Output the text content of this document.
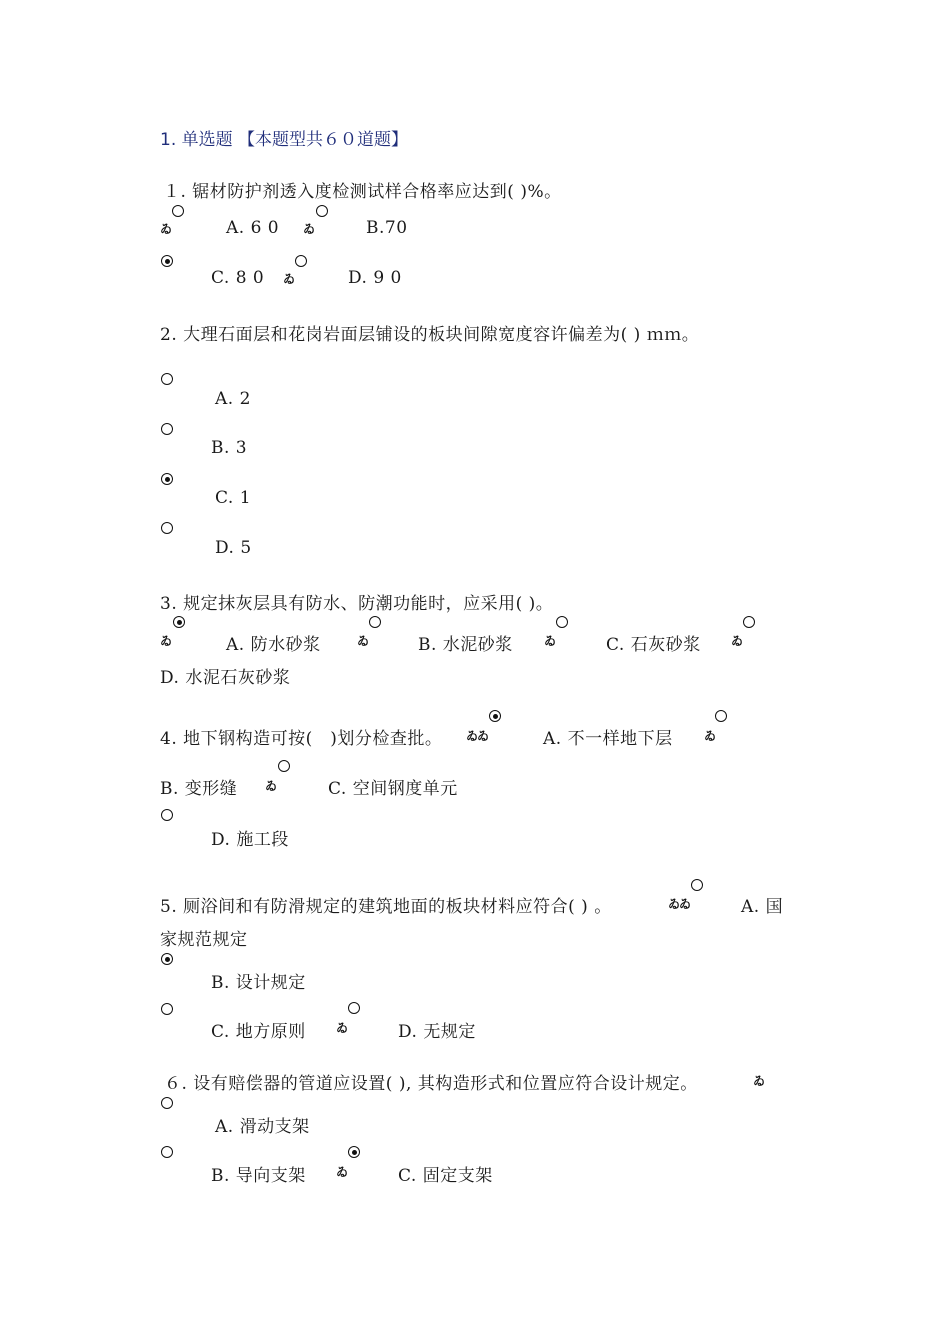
1. 单选题 【本题型共６０道题】
１. 锯材防护剂透入度检测试样合格率应达到( )%。
ゐ	A. 6 0 ゐ	B.70
C. 8 0 ゐ	D. 9 0
2. 大理石面层和花岗岩面层铺设的板块间隙宽度容许偏差为( ) ｍｍ。
A. 2
B. 3
C. 1
D. 5
3. 规定抹灰层具有防水、防潮功能时，应采用( )。
ゐ	A. 防水砂浆	ゐ	B. 水泥砂浆	ゐ	C. 石灰砂浆	ゐ
D. 水泥石灰砂浆
4. 地下钢构造可按(　)划分检查批。 ゐ
ゐ	A. 不一样地下层	ゐ
B. 变形缝 ゐ	C. 空间钢度单元
D. 施工段
5. 厕浴间和有防滑规定的建筑地面的板块材料应符合( ) 。	ゐ
ゐ	A. 国
家规范规定
B. 设计规定
C. 地方原则	ゐ	D. 无规定
６. 设有赔偿器的管道应设置( ), 其构造形式和位置应符合设计规定。	ゐ
A. 滑动支架
B. 导向支架	ゐ	C. 固定支架
